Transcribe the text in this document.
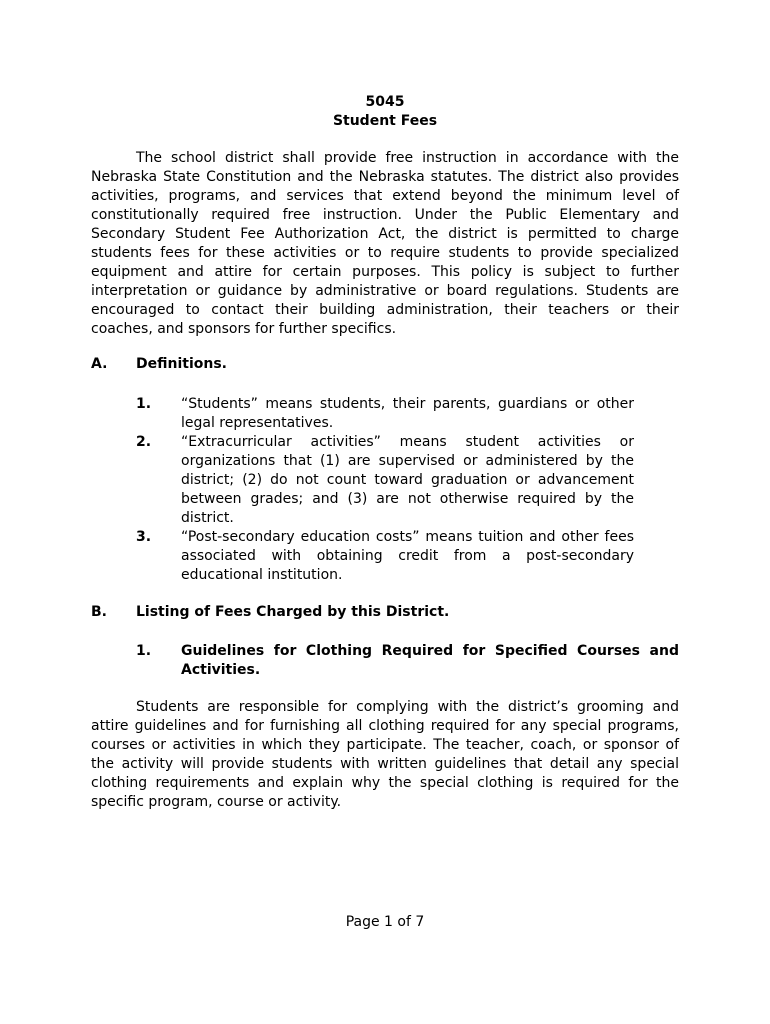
5045

Student Fees

The school district shall provide free instruction in accordance with the Nebraska State Constitution and the Nebraska statutes. The district also provides activities, programs, and services that extend beyond the minimum level of constitutionally required free instruction. Under the Public Elementary and Secondary Student Fee Authorization Act, the district is permitted to charge students fees for these activities or to require students to provide specialized equipment and attire for certain purposes. This policy is subject to further interpretation or guidance by administrative or board regulations. Students are encouraged to contact their building administration, their teachers or their coaches, and sponsors for further specifics.

A.	Definitions.
1.	“Students” means students, their parents, guardians or other legal representatives.
2.	“Extracurricular activities” means student activities or organizations that (1) are supervised or administered by the district; (2) do not count toward graduation or advancement between grades; and (3) are not otherwise required by the district.
3.	“Post-secondary education costs” means tuition and other fees associated with obtaining credit from a post-secondary educational institution.
B.	Listing of Fees Charged by this District.
1.	Guidelines for Clothing Required for Specified Courses and Activities.

Students are responsible for complying with the district’s grooming and attire guidelines and for furnishing all clothing required for any special programs, courses or activities in which they participate. The teacher, coach, or sponsor of the activity will provide students with written guidelines that detail any special clothing requirements and explain why the special clothing is required for the specific program, course or activity.

Page 1 of 7
